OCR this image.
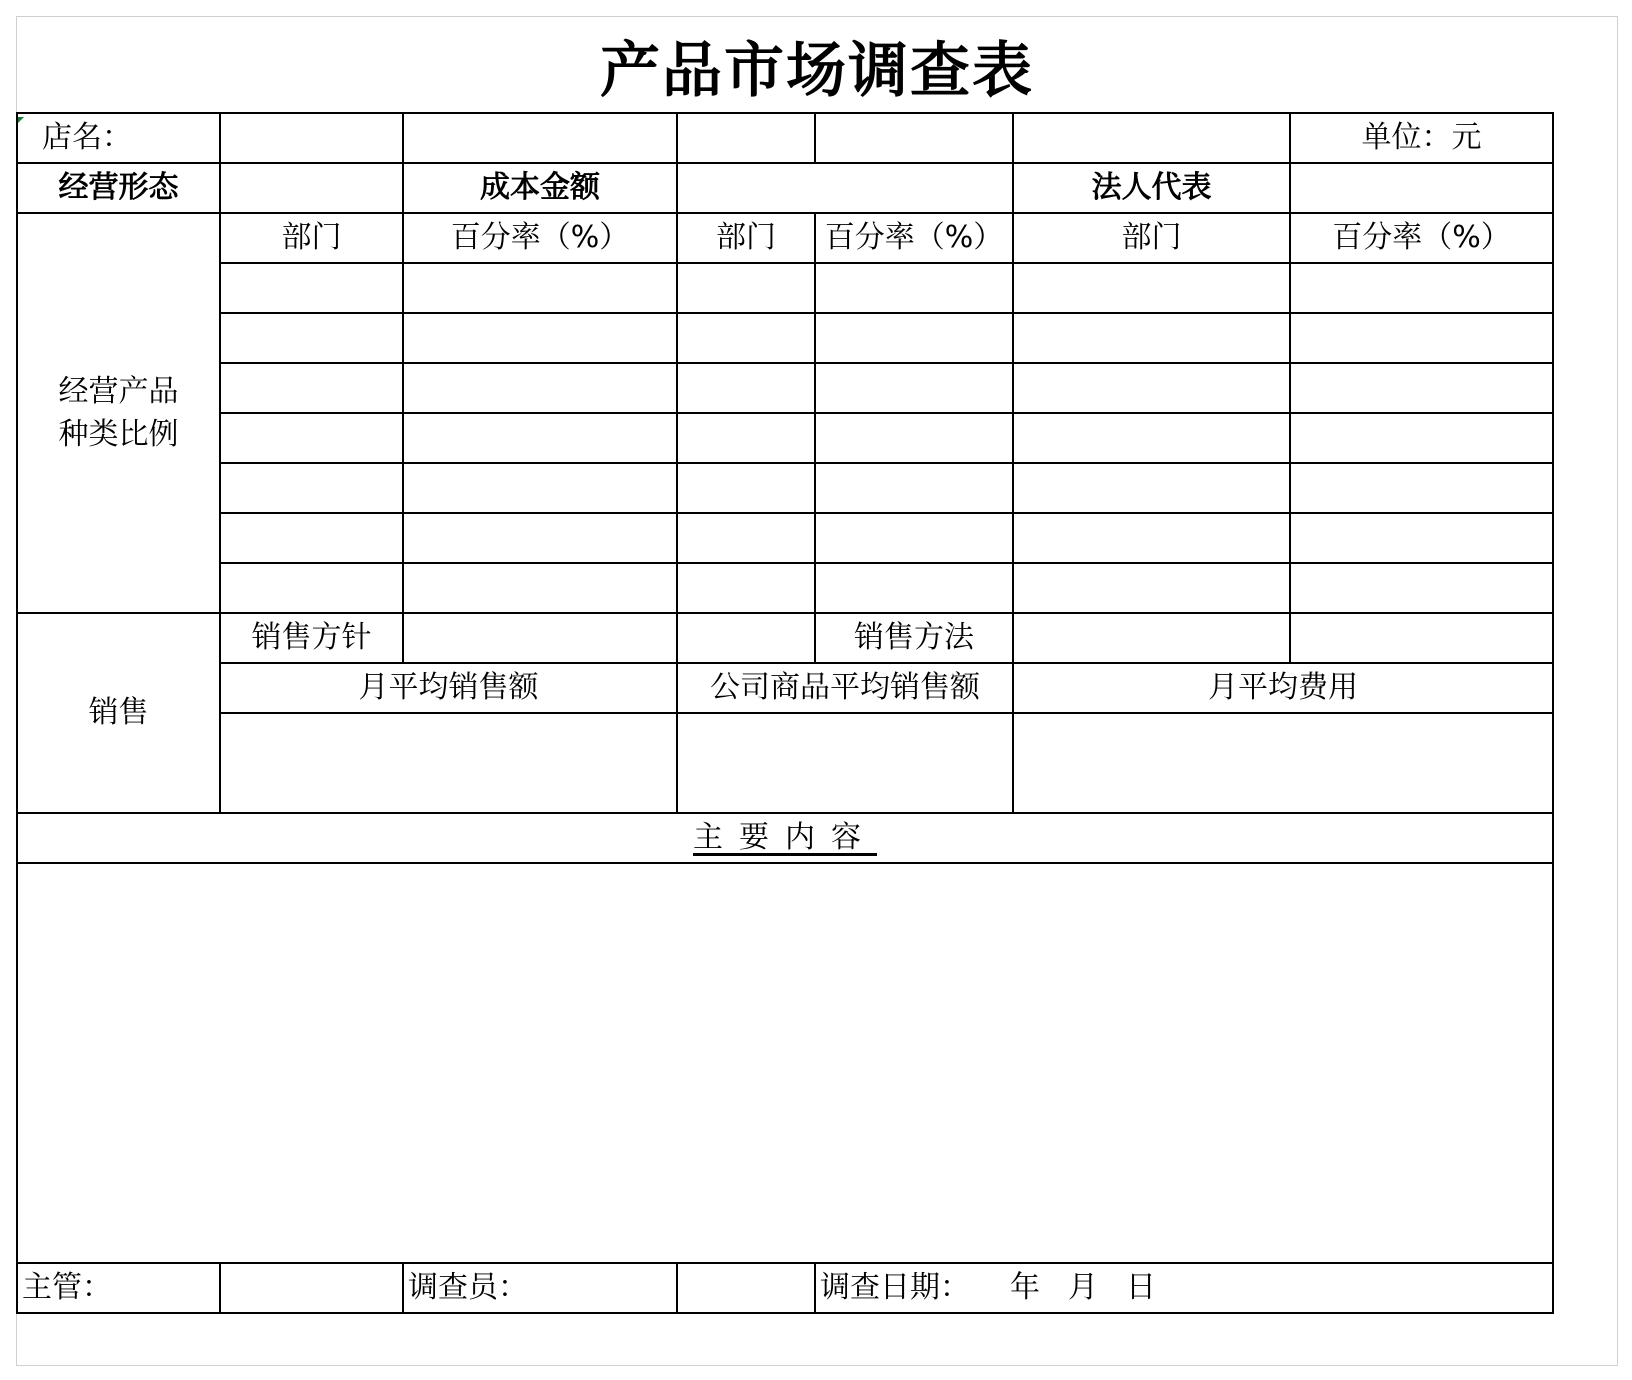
产品市场调查表
店名：	单位：元
经营形态	成本金额	法人代表
经营产品
种类比例
部门	百分率（%）	部门	百分率（%）	部门	百分率（%）
销售
销售方针	销售方法
月平均销售额	公司商品平均销售额	月平均费用
主要内容
主管：	调查员：	调查日期： 年 月 日
